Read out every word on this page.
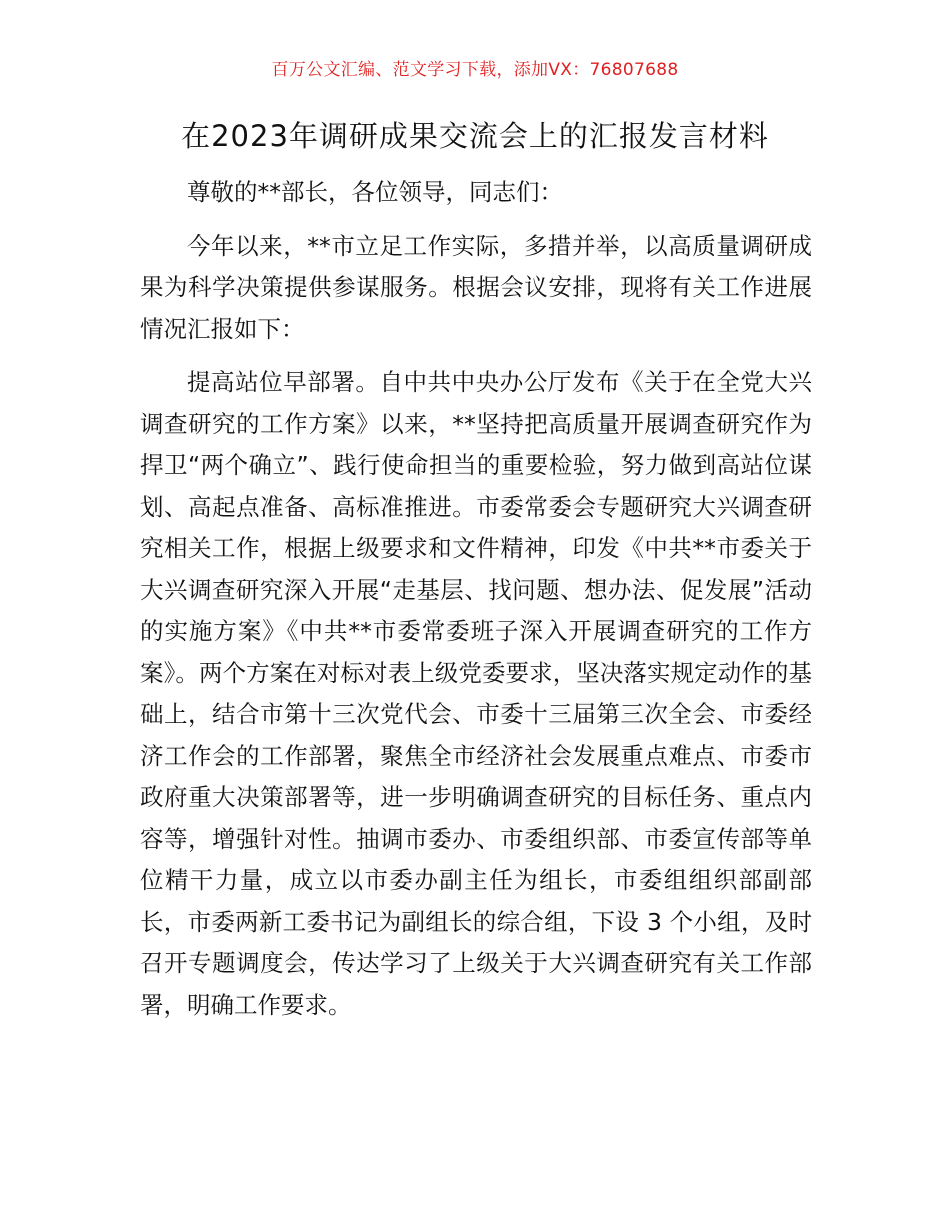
百万公文汇编、范文学习下载，添加VX：76807688
在2023年调研成果交流会上的汇报发言材料

尊敬的**部长，各位领导，同志们：

今年以来，**市立足工作实际，多措并举，以高质量调研成果为科学决策提供参谋服务。根据会议安排，现将有关工作进展情况汇报如下：

提高站位早部署。自中共中央办公厅发布《关于在全党大兴调查研究的工作方案》以来，**坚持把高质量开展调查研究作为捍卫“两个确立”、践行使命担当的重要检验，努力做到高站位谋划、高起点准备、高标准推进。市委常委会专题研究大兴调查研究相关工作，根据上级要求和文件精神，印发《中共**市委关于大兴调查研究深入开展“走基层、找问题、想办法、促发展”活动的实施方案》《中共**市委常委班子深入开展调查研究的工作方案》。两个方案在对标对表上级党委要求，坚决落实规定动作的基础上，结合市第十三次党代会、市委十三届第三次全会、市委经济工作会的工作部署，聚焦全市经济社会发展重点难点、市委市政府重大决策部署等，进一步明确调查研究的目标任务、重点内容等，增强针对性。抽调市委办、市委组织部、市委宣传部等单位精干力量，成立以市委办副主任为组长，市委组组织部副部长，市委两新工委书记为副组长的综合组，下设 3 个小组，及时召开专题调度会，传达学习了上级关于大兴调查研究有关工作部署，明确工作要求。
